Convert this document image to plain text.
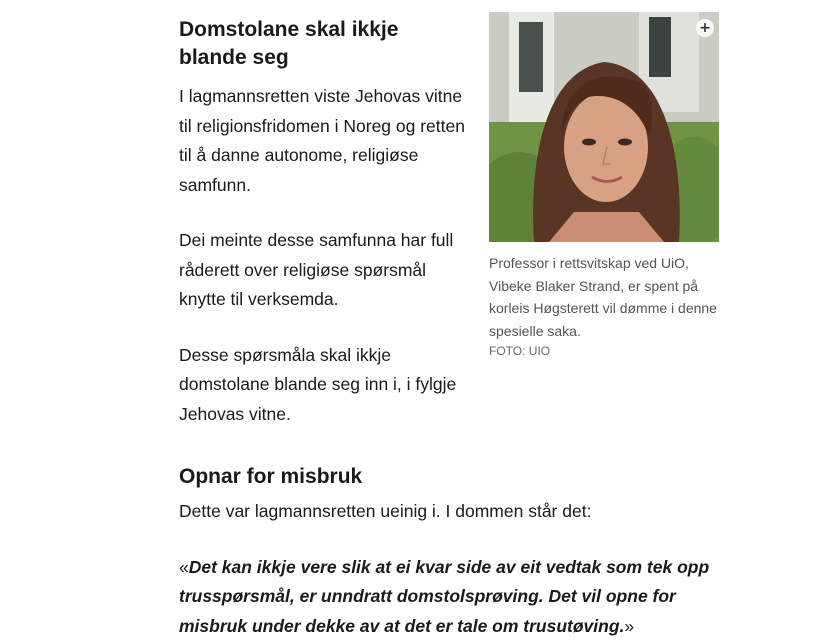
Domstolane skal ikkje blande seg

I lagmannsretten viste Jehovas vitne til religionsfridomen i Noreg og retten til å danne autonome, religiøse samfunn.

Dei meinte desse samfunna har full råderett over religiøse spørsmål knytte til verksemda.

Desse spørsmåla skal ikkje domstolane blande seg inn i, i fylgje Jehovas vitne.

+
Professor i rettsvitskap ved UiO, Vibeke Blaker Strand, er spent på korleis Høgsterett vil dømme i denne spesielle saka.
FOTO: UIO
Opnar for misbruk

Dette var lagmannsretten ueinig i. I dommen står det:

«Det kan ikkje vere slik at ei kvar side av eit vedtak som tek opp trusspørsmål, er unndratt domstolsprøving. Det vil opne for misbruk under dekke av at det er tale om trusutøving.»
